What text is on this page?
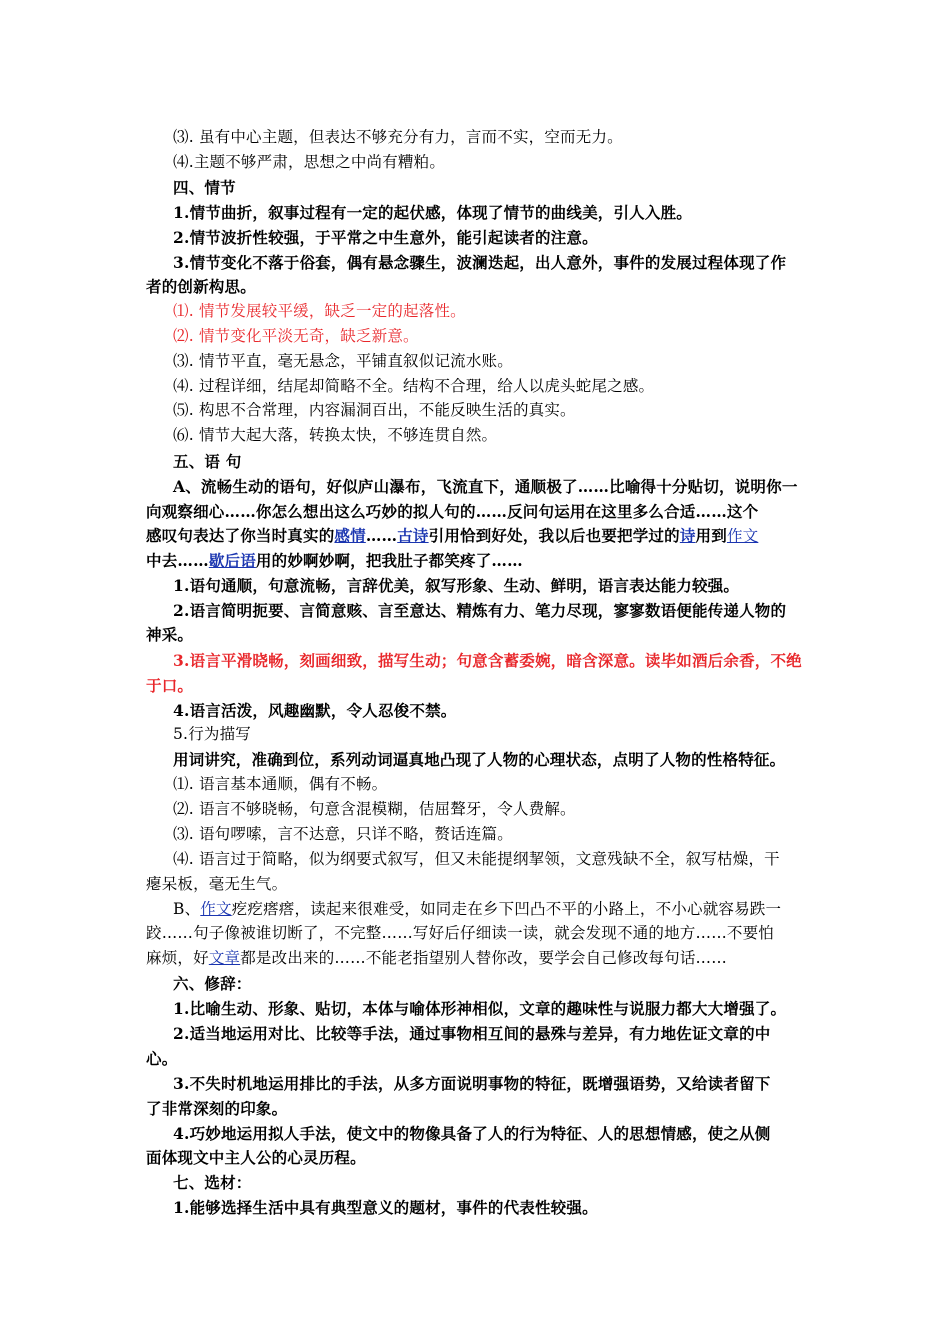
⑶. 虽有中心主题，但表达不够充分有力，言而不实，空而无力。
⑷.主题不够严肃，思想之中尚有糟粕。
四、情节
1.情节曲折，叙事过程有一定的起伏感，体现了情节的曲线美，引人入胜。
2.情节波折性较强，于平常之中生意外，能引起读者的注意。
3.情节变化不落于俗套，偶有悬念骤生，波澜迭起，出人意外，事件的发展过程体现了作
者的创新构思。
⑴. 情节发展较平缓，缺乏一定的起落性。
⑵. 情节变化平淡无奇，缺乏新意。
⑶. 情节平直，毫无悬念，平铺直叙似记流水账。
⑷. 过程详细，结尾却简略不全。结构不合理，给人以虎头蛇尾之感。
⑸. 构思不合常理，内容漏洞百出，不能反映生活的真实。
⑹. 情节大起大落，转换太快，不够连贯自然。
五、语 句
A、流畅生动的语句，好似庐山瀑布，飞流直下，通顺极了……比喻得十分贴切，说明你一
向观察细心……你怎么想出这么巧妙的拟人句的……反问句运用在这里多么合适……这个
感叹句表达了你当时真实的感情……古诗引用恰到好处，我以后也要把学过的诗用到作文
中去……歇后语用的妙啊妙啊，把我肚子都笑疼了……
1.语句通顺，句意流畅，言辞优美，叙写形象、生动、鲜明，语言表达能力较强。
2.语言简明扼要、言简意赅、言至意达、精炼有力、笔力尽现，寥寥数语便能传递人物的
神采。
3.语言平滑晓畅，刻画细致，描写生动；句意含蓄委婉，暗含深意。读毕如酒后余香，不绝
于口。
4.语言活泼，风趣幽默，令人忍俊不禁。
5.行为描写
用词讲究，准确到位，系列动词逼真地凸现了人物的心理状态，点明了人物的性格特征。
⑴. 语言基本通顺，偶有不畅。
⑵. 语言不够晓畅，句意含混模糊，佶屈聱牙，令人费解。
⑶. 语句啰嗦，言不达意，只详不略，赘话连篇。
⑷. 语言过于简略，似为纲要式叙写，但又未能提纲挈领，文意残缺不全，叙写枯燥，干
瘪呆板，毫无生气。
B、作文疙疙瘩瘩，读起来很难受，如同走在乡下凹凸不平的小路上，不小心就容易跌一
跤……句子像被谁切断了，不完整……写好后仔细读一读，就会发现不通的地方……不要怕
麻烦，好文章都是改出来的……不能老指望别人替你改，要学会自己修改每句话……
六、修辞：
1.比喻生动、形象、贴切，本体与喻体形神相似，文章的趣味性与说服力都大大增强了。
2.适当地运用对比、比较等手法，通过事物相互间的悬殊与差异，有力地佐证文章的中
心。
3.不失时机地运用排比的手法，从多方面说明事物的特征，既增强语势，又给读者留下
了非常深刻的印象。
4.巧妙地运用拟人手法，使文中的物像具备了人的行为特征、人的思想情感，使之从侧
面体现文中主人公的心灵历程。
七、选材：
1.能够选择生活中具有典型意义的题材，事件的代表性较强。
